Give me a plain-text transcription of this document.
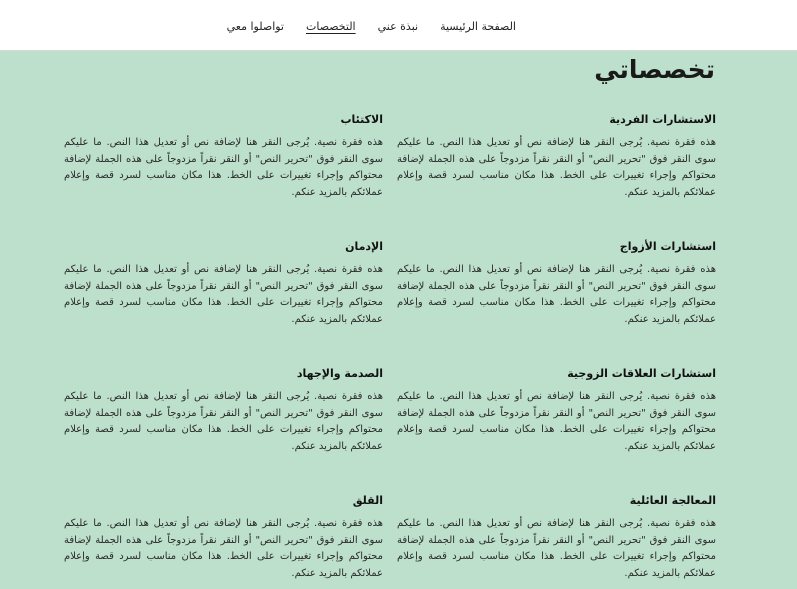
الصفحة الرئيسية
نبذة عني
التخصصات
تواصلوا معي
تخصصاتي
الاستشارات الفردية

هذه فقرة نصية. يُرجى النقر هنا لإضافة نص أو تعديل هذا النص. ما عليكم سوى النقر فوق "تحرير النص" أو النقر نقراً مزدوجاً على هذه الجملة لإضافة محتواكم وإجراء تغييرات على الخط. هذا مكان مناسب لسرد قصة وإعلام عملائكم بالمزيد عنكم.

الاكتئاب

هذه فقرة نصية. يُرجى النقر هنا لإضافة نص أو تعديل هذا النص. ما عليكم سوى النقر فوق "تحرير النص" أو النقر نقراً مزدوجاً على هذه الجملة لإضافة محتواكم وإجراء تغييرات على الخط. هذا مكان مناسب لسرد قصة وإعلام عملائكم بالمزيد عنكم.

استشارات الأزواج

هذه فقرة نصية. يُرجى النقر هنا لإضافة نص أو تعديل هذا النص. ما عليكم سوى النقر فوق "تحرير النص" أو النقر نقراً مزدوجاً على هذه الجملة لإضافة محتواكم وإجراء تغييرات على الخط. هذا مكان مناسب لسرد قصة وإعلام عملائكم بالمزيد عنكم.

الإدمان

هذه فقرة نصية. يُرجى النقر هنا لإضافة نص أو تعديل هذا النص. ما عليكم سوى النقر فوق "تحرير النص" أو النقر نقراً مزدوجاً على هذه الجملة لإضافة محتواكم وإجراء تغييرات على الخط. هذا مكان مناسب لسرد قصة وإعلام عملائكم بالمزيد عنكم.

استشارات العلاقات الزوجية

هذه فقرة نصية. يُرجى النقر هنا لإضافة نص أو تعديل هذا النص. ما عليكم سوى النقر فوق "تحرير النص" أو النقر نقراً مزدوجاً على هذه الجملة لإضافة محتواكم وإجراء تغييرات على الخط. هذا مكان مناسب لسرد قصة وإعلام عملائكم بالمزيد عنكم.

الصدمة والإجهاد

هذه فقرة نصية. يُرجى النقر هنا لإضافة نص أو تعديل هذا النص. ما عليكم سوى النقر فوق "تحرير النص" أو النقر نقراً مزدوجاً على هذه الجملة لإضافة محتواكم وإجراء تغييرات على الخط. هذا مكان مناسب لسرد قصة وإعلام عملائكم بالمزيد عنكم.

المعالجة العائلية

هذه فقرة نصية. يُرجى النقر هنا لإضافة نص أو تعديل هذا النص. ما عليكم سوى النقر فوق "تحرير النص" أو النقر نقراً مزدوجاً على هذه الجملة لإضافة محتواكم وإجراء تغييرات على الخط. هذا مكان مناسب لسرد قصة وإعلام عملائكم بالمزيد عنكم.

القلق

هذه فقرة نصية. يُرجى النقر هنا لإضافة نص أو تعديل هذا النص. ما عليكم سوى النقر فوق "تحرير النص" أو النقر نقراً مزدوجاً على هذه الجملة لإضافة محتواكم وإجراء تغييرات على الخط. هذا مكان مناسب لسرد قصة وإعلام عملائكم بالمزيد عنكم.
